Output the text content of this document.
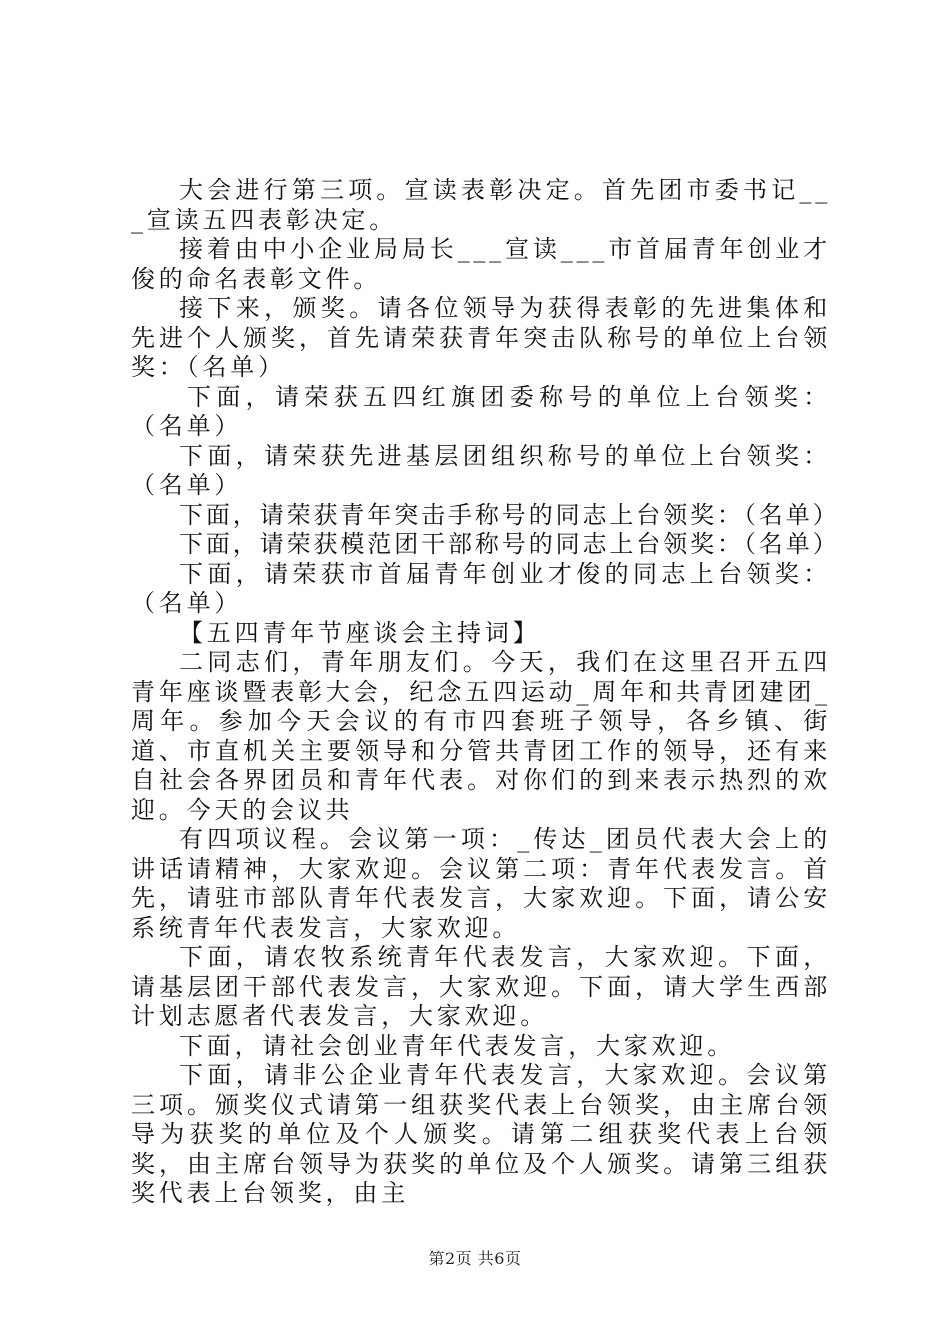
大会进行第三项。宣读表彰决定。首先团市委书记___宣读五四表彰决定。

接着由中小企业局局长___宣读___市首届青年创业才俊的命名表彰文件。

接下来，颁奖。请各位领导为获得表彰的先进集体和先进个人颁奖，首先请荣获青年突击队称号的单位上台领奖：（名单）

下面，请荣获五四红旗团委称号的单位上台领奖：（名单）

下面，请荣获先进基层团组织称号的单位上台领奖：（名单）

下面，请荣获青年突击手称号的同志上台领奖：（名单）

下面，请荣获模范团干部称号的同志上台领奖：（名单）

下面，请荣获市首届青年创业才俊的同志上台领奖：（名单）

【五四青年节座谈会主持词】

二同志们，青年朋友们。今天，我们在这里召开五四青年座谈暨表彰大会，纪念五四运动_周年和共青团建团_周年。参加今天会议的有市四套班子领导，各乡镇、街道、市直机关主要领导和分管共青团工作的领导，还有来自社会各界团员和青年代表。对你们的到来表示热烈的欢迎。今天的会议共

有四项议程。会议第一项：_传达_团员代表大会上的讲话请精神，大家欢迎。会议第二项：青年代表发言。首先，请驻市部队青年代表发言，大家欢迎。下面，请公安系统青年代表发言，大家欢迎。

下面，请农牧系统青年代表发言，大家欢迎。下面，请基层团干部代表发言，大家欢迎。下面，请大学生西部计划志愿者代表发言，大家欢迎。

下面，请社会创业青年代表发言，大家欢迎。

下面，请非公企业青年代表发言，大家欢迎。会议第三项。颁奖仪式请第一组获奖代表上台领奖，由主席台领导为获奖的单位及个人颁奖。请第二组获奖代表上台领奖，由主席台领导为获奖的单位及个人颁奖。请第三组获奖代表上台领奖，由主

第2页 共6页
